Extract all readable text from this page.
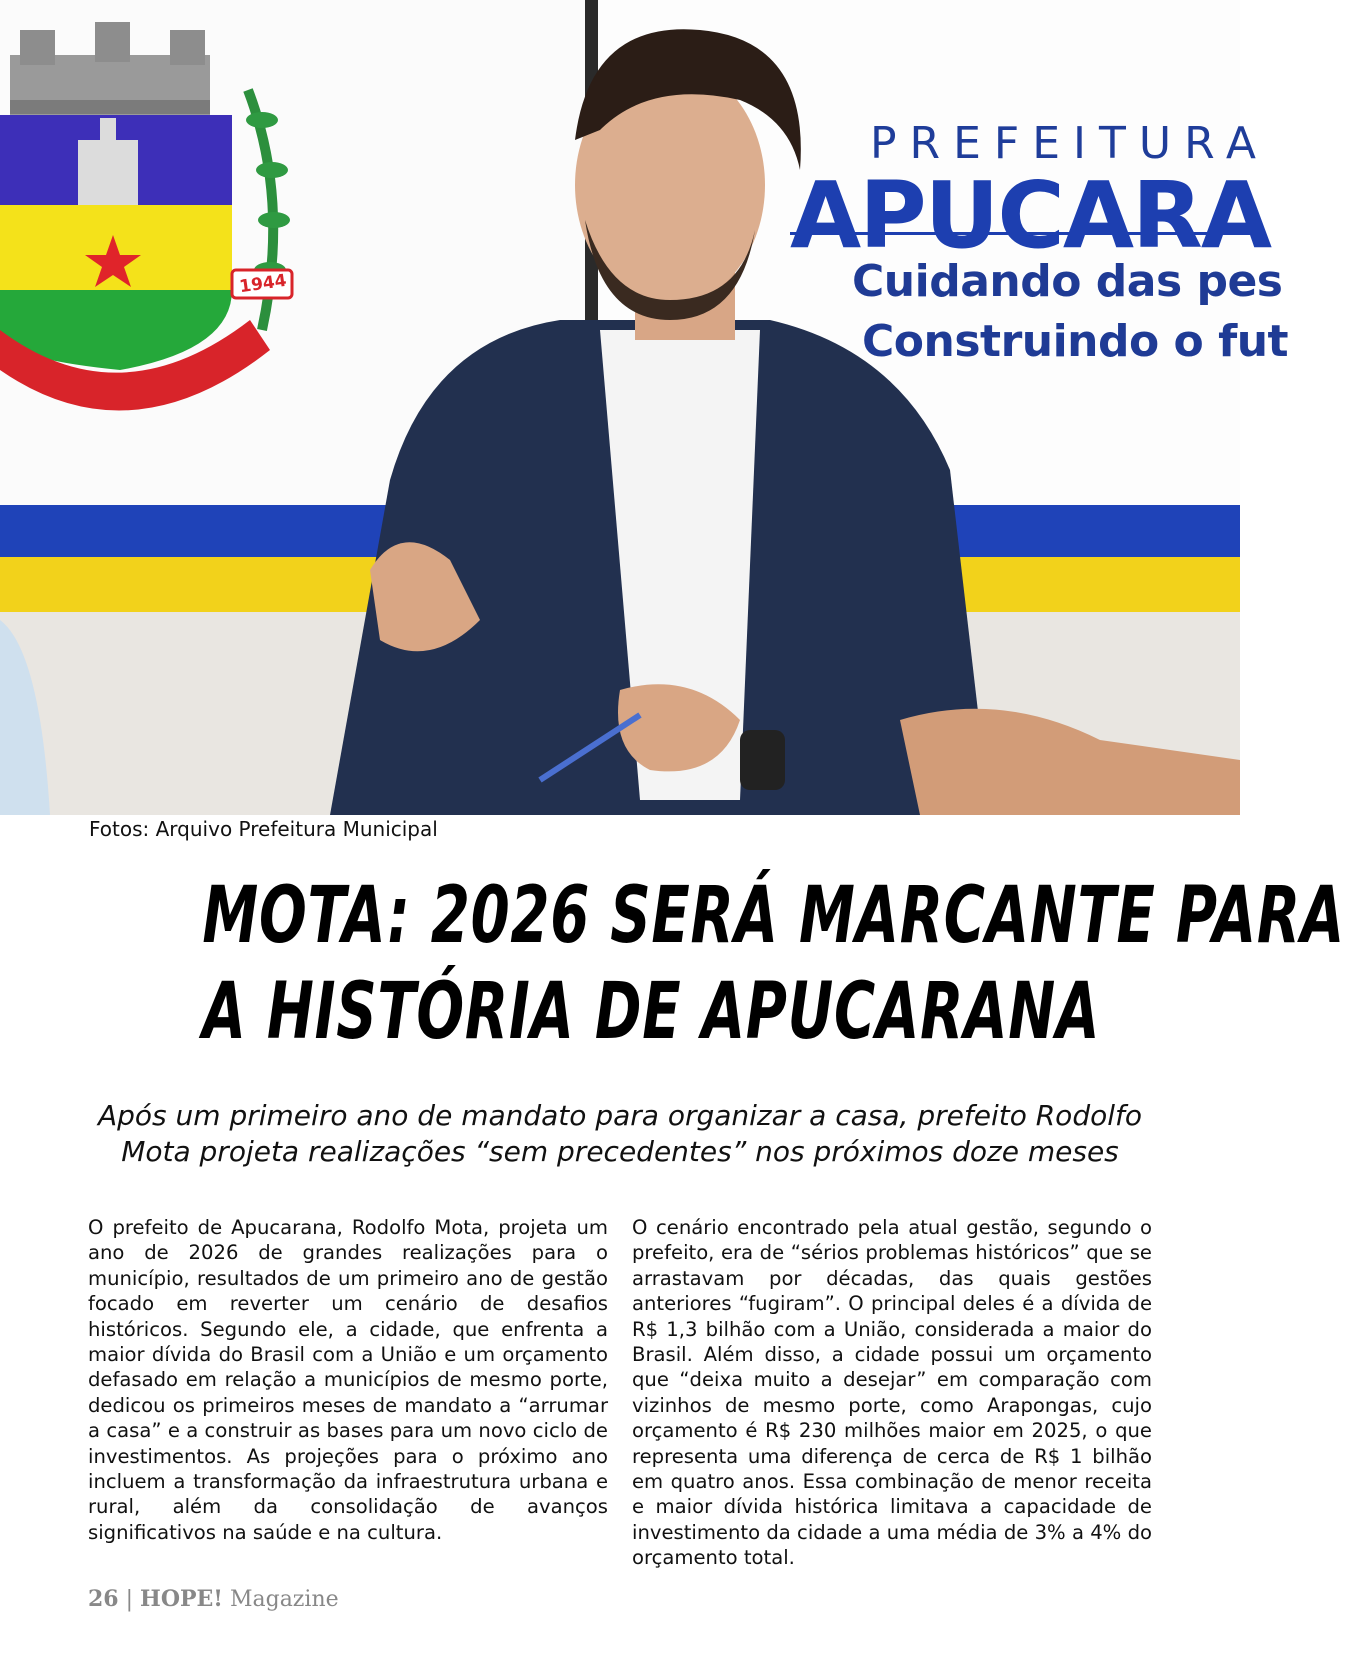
PREFEITURA
APUCARA
Cuidando das pes
Construindo o fut
1944
Fotos: Arquivo Prefeitura Municipal
MOTA: 2026 SERÁ MARCANTE PARA
A HISTÓRIA DE APUCARANA

Após um primeiro ano de mandato para organizar a casa, prefeito Rodolfo Mota projeta realizações “sem precedentes” nos próximos doze meses

O prefeito de Apucarana, Rodolfo Mota, projeta um ano de 2026 de grandes realizações para o município, resultados de um primeiro ano de gestão focado em reverter um cenário de desafios históricos. Segundo ele, a cidade, que enfrenta a maior dívida do Brasil com a União e um orçamento defasado em relação a municípios de mesmo porte, dedicou os primeiros meses de mandato a “arrumar a casa” e a construir as bases para um novo ciclo de investimentos. As projeções para o próximo ano incluem a transformação da infraestrutura urbana e rural, além da consolidação de avanços significativos na saúde e na cultura.

O cenário encontrado pela atual gestão, segundo o prefeito, era de “sérios problemas históricos” que se arrastavam por décadas, das quais gestões anteriores “fugiram”. O principal deles é a dívida de R$ 1,3 bilhão com a União, considerada a maior do Brasil. Além disso, a cidade possui um orçamento que “deixa muito a desejar” em comparação com vizinhos de mesmo porte, como Arapongas, cujo orçamento é R$ 230 milhões maior em 2025, o que representa uma diferença de cerca de R$ 1 bilhão em quatro anos. Essa combinação de menor receita e maior dívida histórica limitava a capacidade de investimento da cidade a uma média de 3% a 4% do orçamento total.

26 | HOPE! Magazine
